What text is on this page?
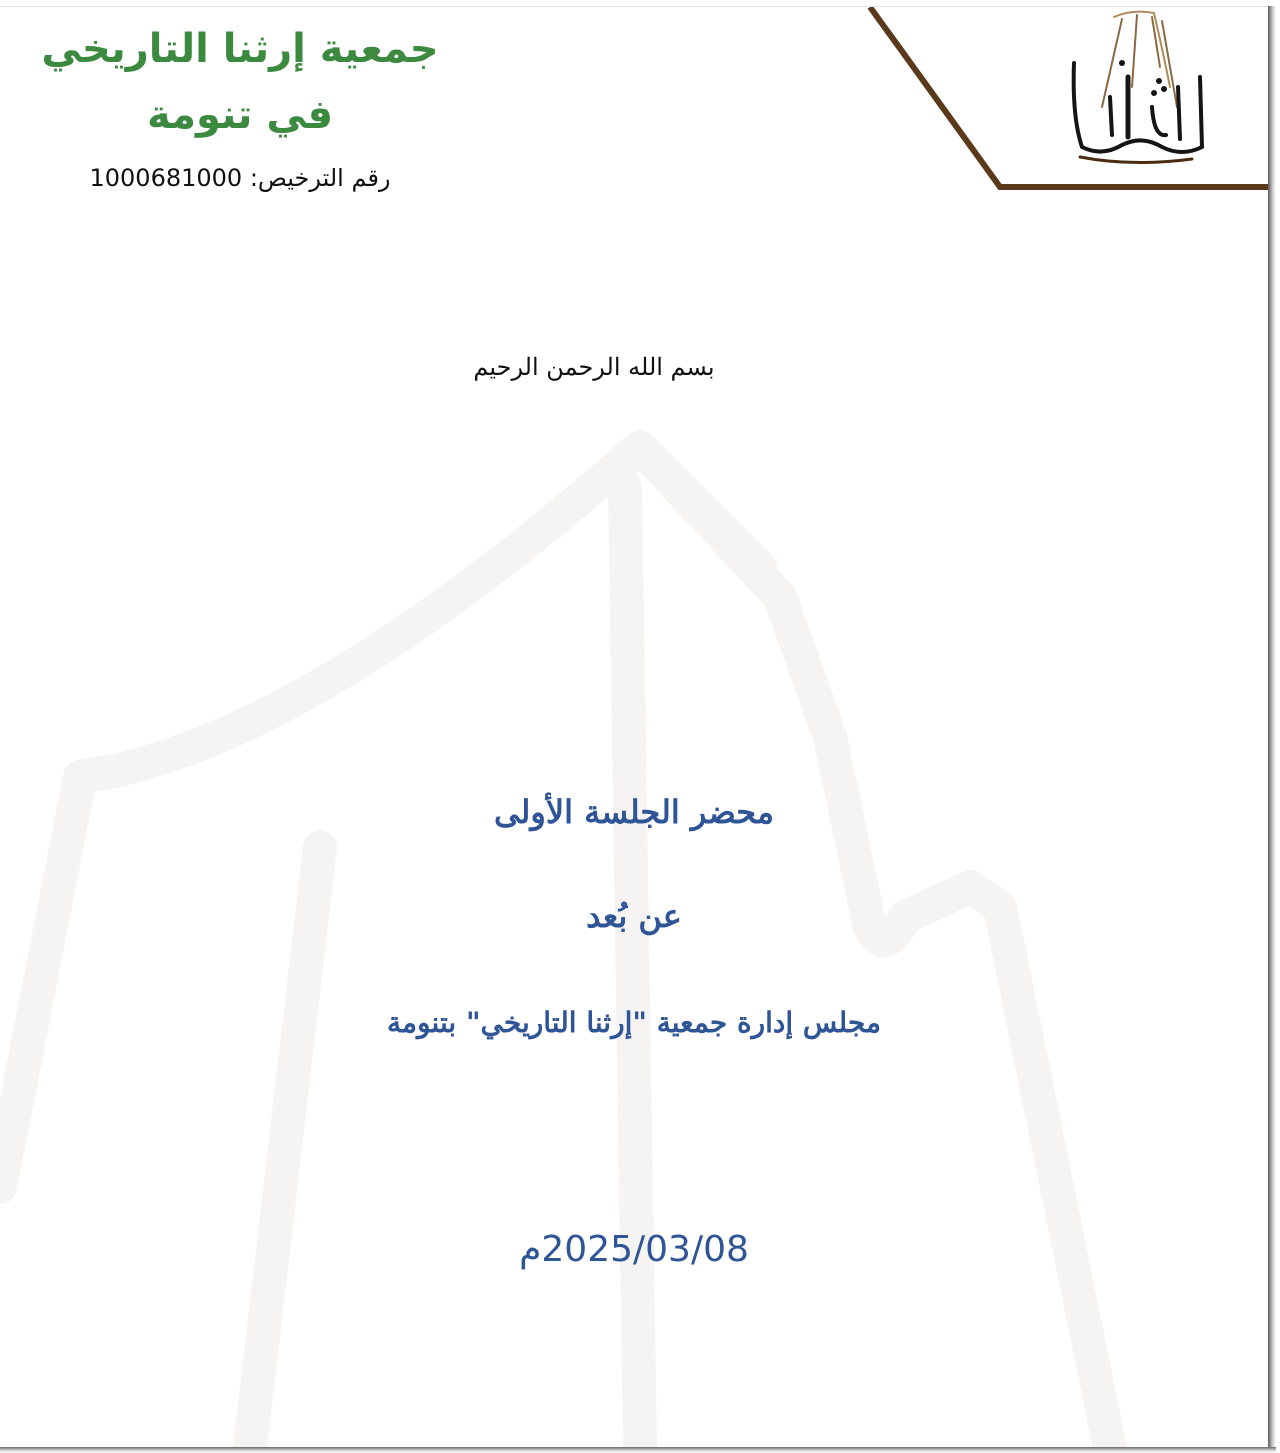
جمعية إرثنا التاريخي
في تنومة
رقم الترخيص: 1000681000
بسم الله الرحمن الرحيم
محضر الجلسة الأولى
عن بُعد
مجلس إدارة جمعية "إرثنا التاريخي" بتنومة
2025/03/08م
